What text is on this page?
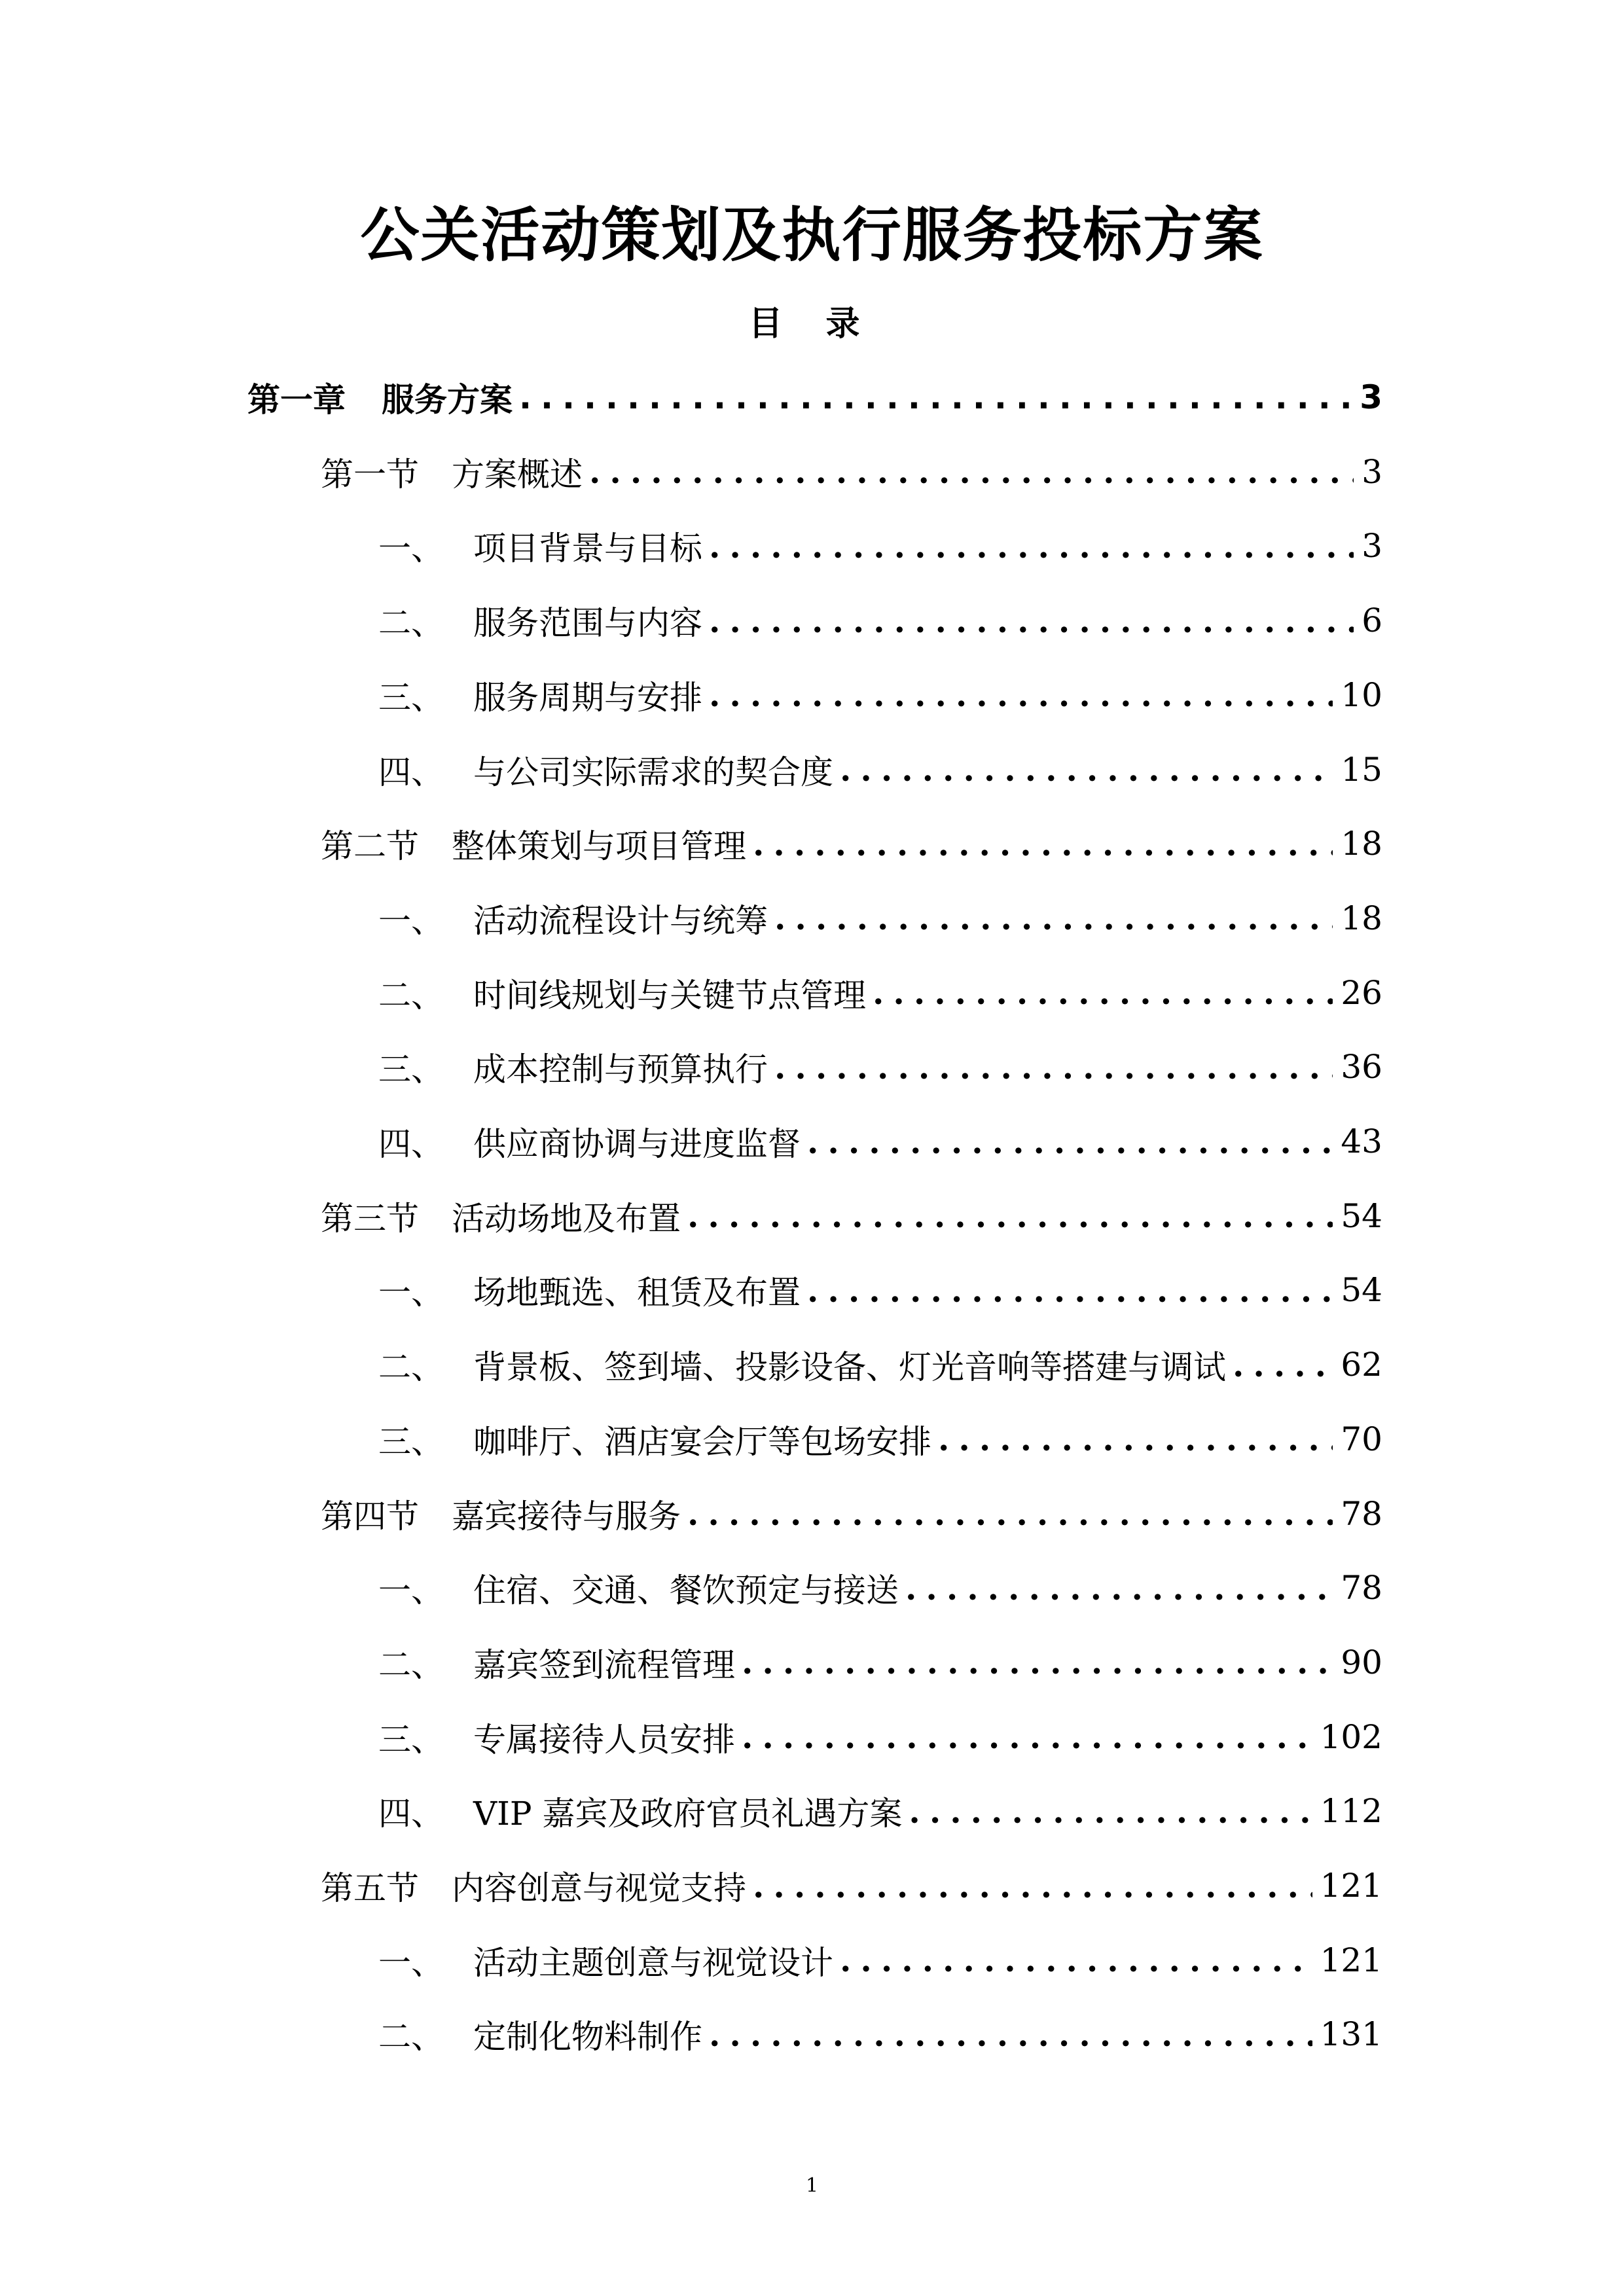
公关活动策划及执行服务投标方案
目 录
第一章	服务方案 .....	3
第一节	方案概述 .....	3
一、 项目背景与目标 .....	3
二、 服务范围与内容 .....	6
三、 服务周期与安排 .....	10
四、 与公司实际需求的契合度 .....	15
第二节	整体策划与项目管理 .....	18
一、 活动流程设计与统筹 .....	18
二、 时间线规划与关键节点管理 .....	26
三、 成本控制与预算执行 .....	36
四、 供应商协调与进度监督 .....	43
第三节	活动场地及布置 .....	54
一、 场地甄选、租赁及布置 .....	54
二、 背景板、签到墙、投影设备、灯光音响等搭建与调试 .....	62
三、 咖啡厅、酒店宴会厅等包场安排 .....	70
第四节	嘉宾接待与服务 .....	78
一、 住宿、交通、餐饮预定与接送 .....	78
二、 嘉宾签到流程管理 .....	90
三、 专属接待人员安排 .....	102
四、 VIP 嘉宾及政府官员礼遇方案 .....	112
第五节	内容创意与视觉支持 .....	121
一、 活动主题创意与视觉设计 .....	121
二、 定制化物料制作 .....	131
1
